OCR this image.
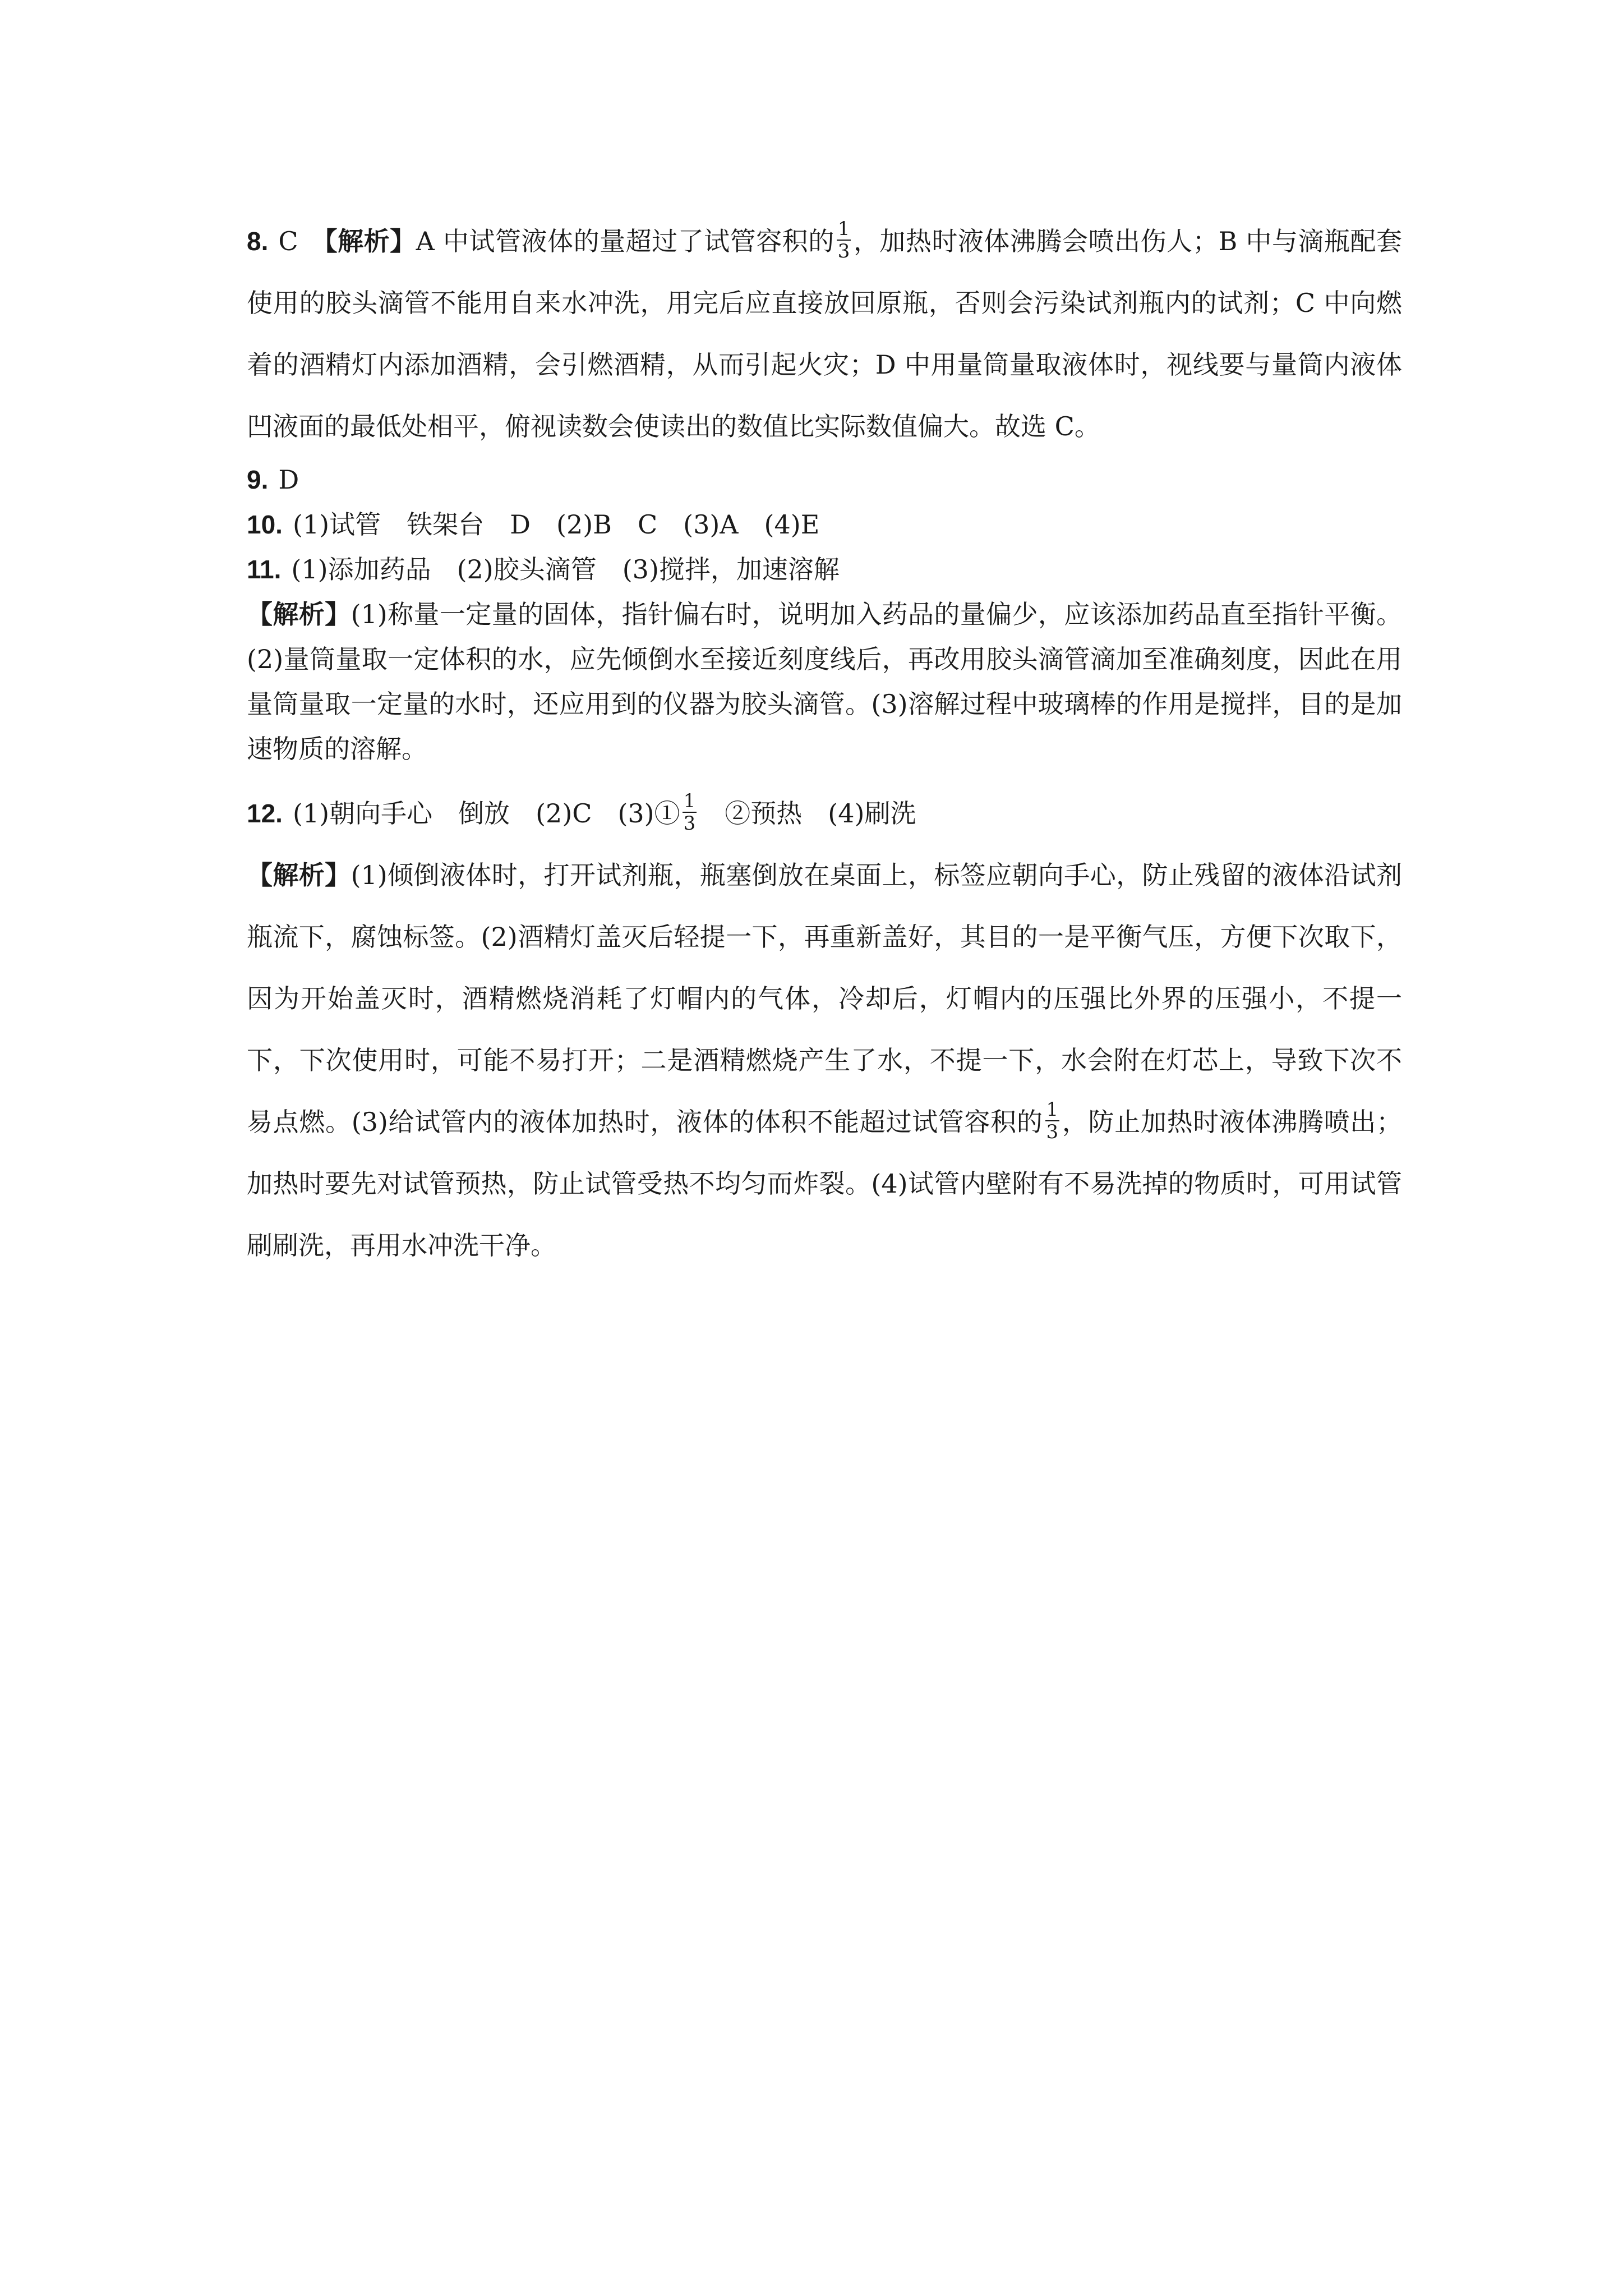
8. C　 【解析】A 中试管液体的量超过了试管容积的 $\frac{1}{3}$ ，加热时液体沸腾会喷出伤人；B 中与滴瓶配套使用的胶头滴管不能用自来水冲洗，用完后应直接放回原瓶，否则会污染试剂瓶内的试剂；C 中向燃着的酒精灯内添加酒精，会引燃酒精，从而引起火灾；D 中用量筒量取液体时，视线要与量筒内液体凹液面的最低处相平，俯视读数会使读出的数值比实际数值偏大。故选 C。

9. D

10. (1)试管　铁架台　D　(2)B　C　(3)A　(4)E

11. (1)添加药品　(2)胶头滴管　(3)搅拌，加速溶解

【解析】(1)称量一定量的固体，指针偏右时，说明加入药品的量偏少，应该添加药品直至指针平衡。(2)量筒量取一定体积的水，应先倾倒水至接近刻度线后，再改用胶头滴管滴加至准确刻度，因此在用量筒量取一定量的水时，还应用到的仪器为胶头滴管。(3)溶解过程中玻璃棒的作用是搅拌，目的是加速物质的溶解。

12. (1)朝向手心　倒放　(2)C　(3)① $\frac{1}{3}$ 　②预热　(4)刷洗

【解析】(1)倾倒液体时，打开试剂瓶，瓶塞倒放在桌面上，标签应朝向手心，防止残留的液体沿试剂瓶流下，腐蚀标签。(2)酒精灯盖灭后轻提一下，再重新盖好，其目的一是平衡气压，方便下次取下，因为开始盖灭时，酒精燃烧消耗了灯帽内的气体，冷却后，灯帽内的压强比外界的压强小，不提一下，下次使用时，可能不易打开；二是酒精燃烧产生了水，不提一下，水会附在灯芯上，导致下次不易点燃。(3)给试管内的液体加热时，液体的体积不能超过试管容积的 $\frac{1}{3}$ ，防止加热时液体沸腾喷出；加热时要先对试管预热，防止试管受热不均匀而炸裂。(4)试管内壁附有不易洗掉的物质时，可用试管刷刷洗，再用水冲洗干净。
